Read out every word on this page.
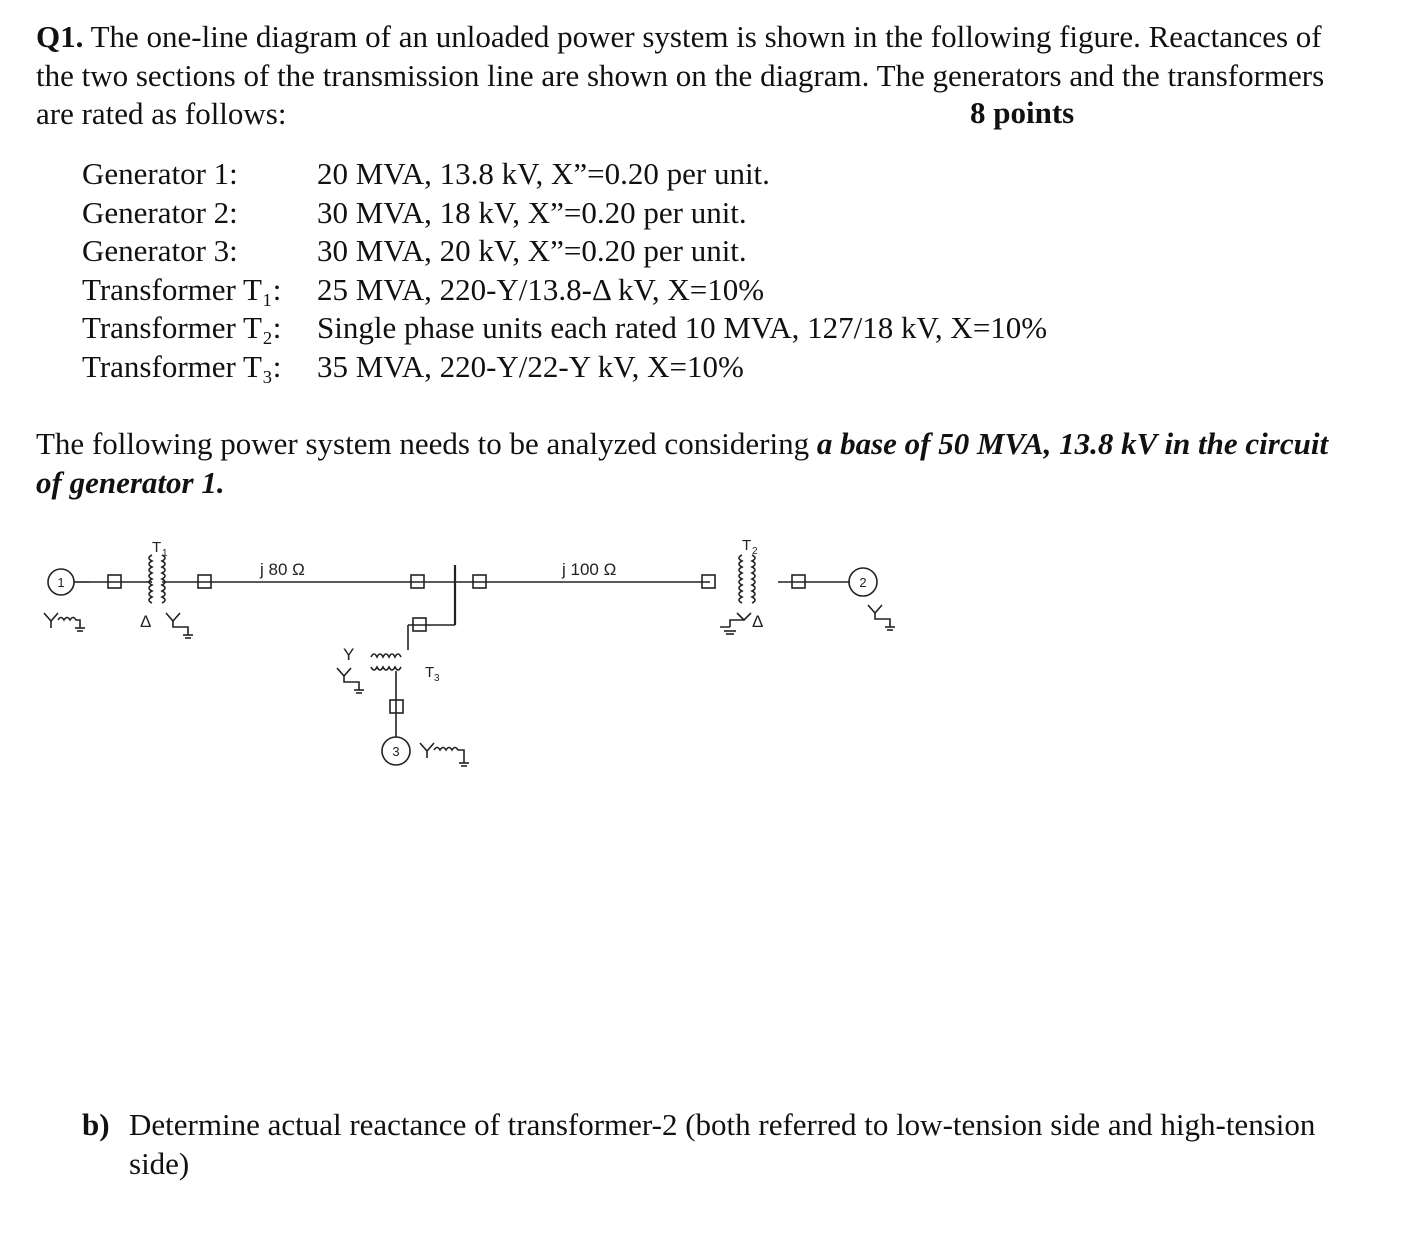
Q1. The one-line diagram of an unloaded power system is shown in the following figure. Reactances of the two sections of the transmission line are shown on the diagram. The generators and the transformers are rated as follows:	8 points
Generator 1:	20 MVA, 13.8 kV, X”=0.20 per unit.
Generator 2:	30 MVA, 18 kV, X”=0.20 per unit.
Generator 3:	30 MVA, 20 kV, X”=0.20 per unit.
Transformer T₁:	25 MVA, 220-Y/13.8-Δ kV, X=10%
Transformer T₂:	Single phase units each rated 10 MVA, 127/18 kV, X=10%
Transformer T₃:	35 MVA, 220-Y/22-Y kV, X=10%
The following power system needs to be analyzed considering a base of 50 MVA, 13.8 kV in the circuit of generator 1.
1
T 1
Δ
j 80 Ω	j 100 Ω
Y
T 3
3
T 2
Δ
2
b) Determine actual reactance of transformer-2 (both referred to low-tension side and high-tension side)
